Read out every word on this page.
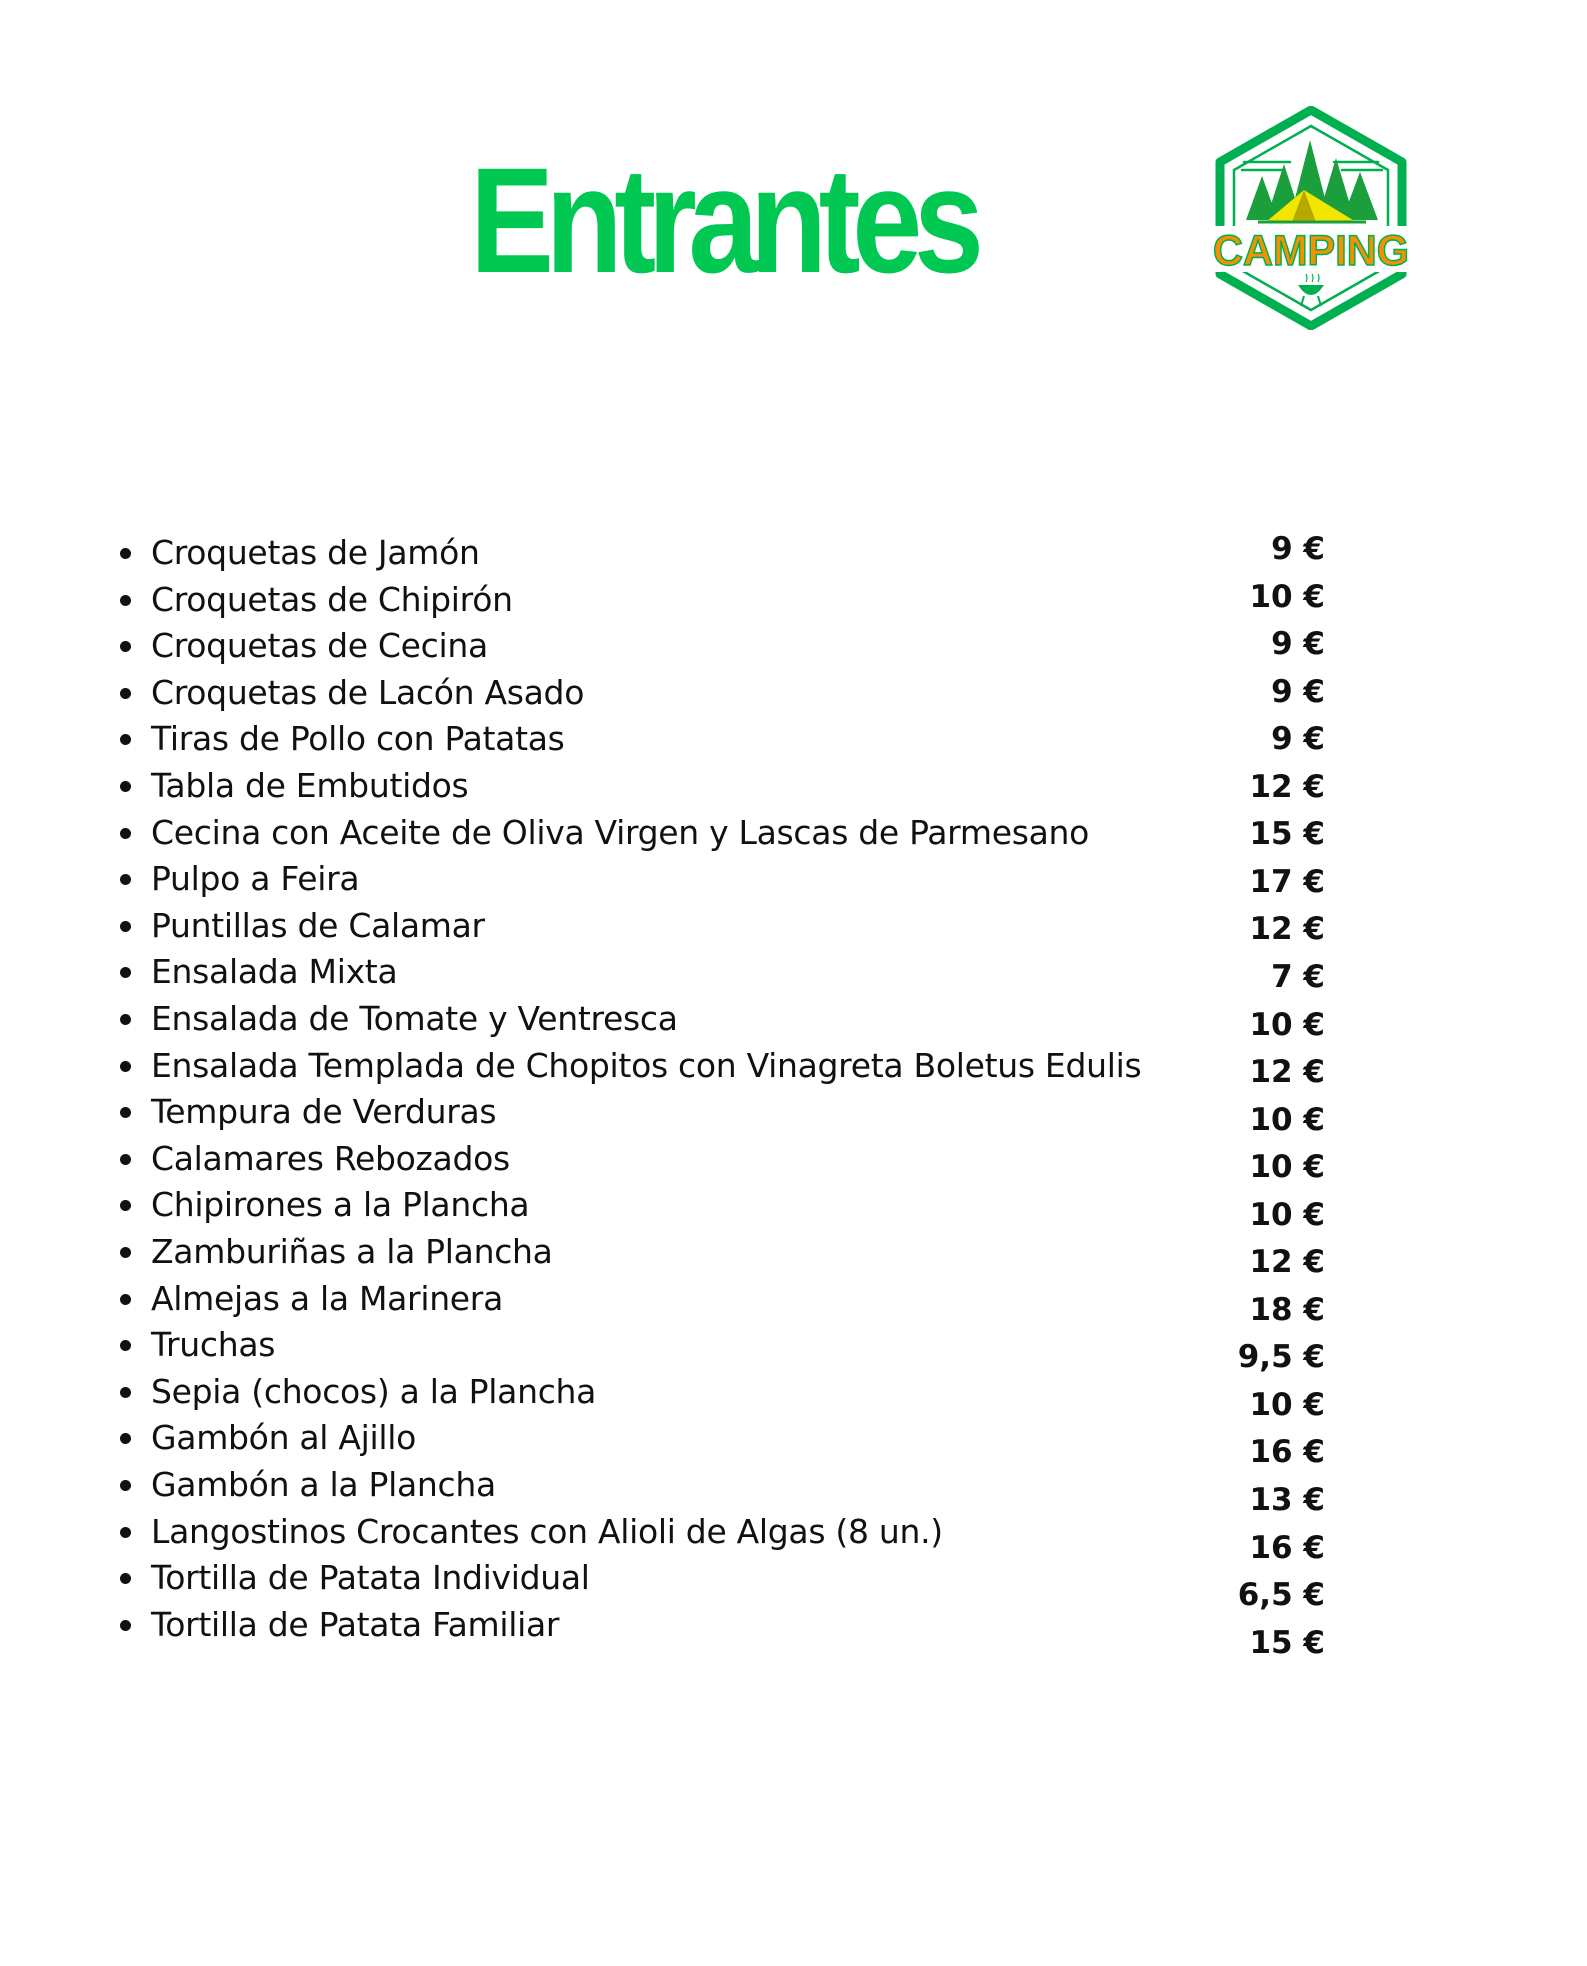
Entrantes	CAMPING
Croquetas de Jamón	9 €
Croquetas de Chipirón	10 €
Croquetas de Cecina	9 €
Croquetas de Lacón Asado	9 €
Tiras de Pollo con Patatas	9 €
Tabla de Embutidos	12 €
Cecina con Aceite de Oliva Virgen y Lascas de Parmesano	15 €
Pulpo a Feira	17 €
Puntillas de Calamar	12 €
Ensalada Mixta	7 €
Ensalada de Tomate y Ventresca	10 €
Ensalada Templada de Chopitos con Vinagreta Boletus Edulis	12 €
Tempura de Verduras	10 €
Calamares Rebozados	10 €
Chipirones a la Plancha	10 €
Zamburiñas a la Plancha	12 €
Almejas a la Marinera	18 €
Truchas	9,5 €
Sepia (chocos) a la Plancha	10 €
Gambón al Ajillo	16 €
Gambón a la Plancha	13 €
Langostinos Crocantes con Alioli de Algas (8 un.)	16 €
Tortilla de Patata Individual	6,5 €
Tortilla de Patata Familiar	15 €
